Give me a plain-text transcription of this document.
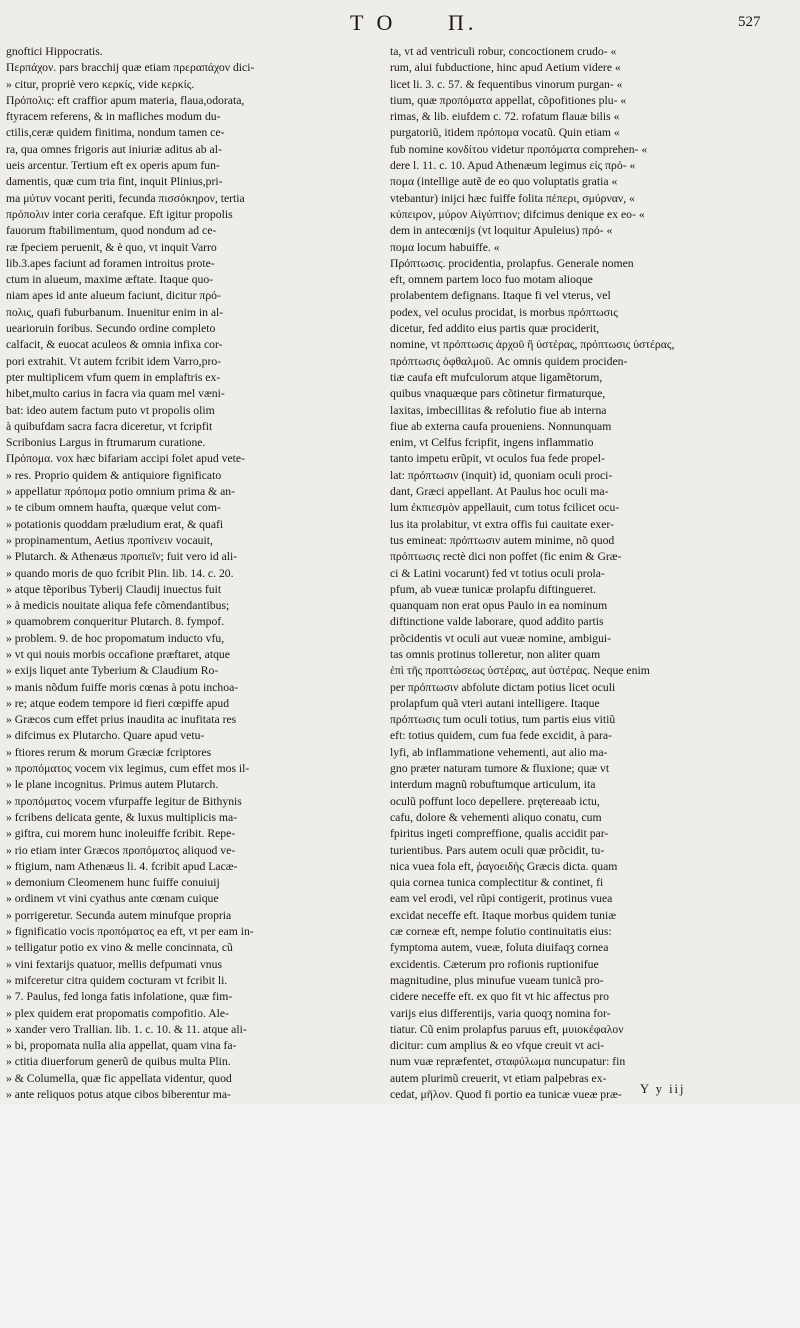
T O Π.	527
gnoftici Hippocratis.
Περπάχον. pars bracchij quæ etiam πρεραπάχον dici-
» citur, propriè vero κερκίς, vide κερκίς.
Πρόπολις: eft craffior apum materia, flaua,odorata,
ftyracem referens, & in mafliches modum du-
ctilis,ceræ quidem finitima, nondum tamen ce-
ra, qua omnes frigoris aut iniuriæ aditus ab al-
ueis arcentur. Tertium eft ex operis apum fun-
damentis, quæ cum tria fint, inquit Plinius,pri-
ma μύτυν vocant periti, fecunda πισσόκηρον, tertia
πρόπολιν inter coria cerafque. Eft igitur propolis
fauorum ftabilimentum, quod nondum ad ce-
ræ fpeciem peruenit, & è quo, vt inquit Varro
lib.3.apes faciunt ad foramen introitus prote-
ctum in alueum, maxime æftate. Itaque quo-
niam apes id ante alueum faciunt, dicitur πρό-
πολις, quafi fuburbanum. Inuenitur enim in al-
uearioruin foribus. Secundo ordine completo
calfacit, & euocat aculeos & omnia infixa cor-
pori extrahit. Vt autem fcribit idem Varro,pro-
pter multiplicem vfum quem in emplaftris ex-
hibet,multo carius in facra via quam mel væni-
bat: ideo autem factum puto vt propolis olim
à quibufdam sacra facra diceretur, vt fcripfit
Scribonius Largus in ftrumarum curatione.
Πρόπομα. vox hæc bifariam accipi folet apud vete-
» res. Proprio quidem & antiquiore fignificato
» appellatur πρόπομα potio omnium prima & an-
» te cibum omnem haufta, quæque velut com-
» potationis quoddam præludium erat, & quafi
» propinamentum, Aetius προπίνειν vocauit,
» Plutarch. & Athenæus προπιεῖν; fuit vero id ali-
» quando moris de quo fcribit Plin. lib. 14. c. 20.
» atque tẽporibus Tyberij Claudij inuectus fuit
» à medicis nouitate aliqua fefe cõmendantibus;
» quamobrem conqueritur Plutarch. 8. fympof.
» problem. 9. de hoc propomatum inducto vfu,
» vt qui nouis morbis occafione præftaret, atque
» exijs liquet ante Tyberium & Claudium Ro-
» manis nõdum fuiffe moris cœnas à potu inchoa-
» re; atque eodem tempore id fieri cœpiffe apud
» Græcos cum effet prius inaudita ac inufitata res
» difcimus ex Plutarcho. Quare apud vetu-
» ftiores rerum & morum Græciæ fcriptores
» προπόματος vocem vix legimus, cum effet mos il-
» le plane incognitus. Primus autem Plutarch.
» προπόματος vocem vfurpaffe legitur de Bithynis
» fcribens delicata gente, & luxus multiplicis ma-
» giftra, cui morem hunc inoleuiffe fcribit. Repe-
» rio etiam inter Græcos προπόματος aliquod ve-
» ftigium, nam Athenæus li. 4. fcribit apud Lacæ-
» demonium Cleomenem hunc fuiffe conuiuij
» ordinem vt vini cyathus ante cœnam cuique
» porrigeretur. Secunda autem minufque propria
» fignificatio vocis προπόματος ea eft, vt per eam in-
» telligatur potio ex vino & melle concinnata, cũ
» vini fextarijs quatuor, mellis defpumati vnus
» mifceretur citra quidem cocturam vt fcribit li.
» 7. Paulus, fed longa fatis infolatione, quæ fim-
» plex quidem erat propomatis compofitio. Ale-
» xander vero Trallian. lib. 1. c. 10. & 11. atque ali-
» bi, propomata nulla alia appellat, quam vina fa-
» ctitia diuerforum generũ de quibus multa Plin.
» & Columella, quæ fic appellata videntur, quod
» ante reliquos potus atque cibos biberentur ma-
ta, vt ad ventriculi robur, concoctionem crudo- «
rum, alui fubductione, hinc apud Aetium videre «
licet li. 3. c. 57. & fequentibus vinorum purgan- «
tium, quæ προπόματα appellat, cõpofitiones plu- «
rimas, & lib. eiufdem c. 72. rofatum flauæ bilis «
purgatoriũ, itidem πρόπομα vocatũ. Quin etiam «
fub nomine κονδίτου videtur προπόματα comprehen- «
dere l. 11. c. 10. Apud Athenæum legimus εἰς πρό- «
πομα (intellige autẽ de eo quo voluptatis gratia «
vtebantur) inijci hæc fuiffe folita πέπερι, σμύρναν, «
κύπειρον, μύρον Αἰγύπτιον; difcimus denique ex eo- «
dem in antecœnijs (vt loquitur Apuleius) πρό- «
πομα locum habuiffe. «
Πρόπτωσις. procidentia, prolapfus. Generale nomen
eft, omnem partem loco fuo motam alioque
prolabentem defignans. Itaque fi vel vterus, vel
podex, vel oculus procidat, is morbus πρόπτωσις
dicetur, fed addito eius partis quæ prociderit,
nomine, vt πρόπτωσις ἀρχοῦ ἢ ὑστέρας, πρόπτωσις ὑστέρας,
πρόπτωσις ὀφθαλμοῦ. Ac omnis quidem prociden-
tiæ caufa eft mufculorum atque ligamẽtorum,
quibus vnaquæque pars cõtinetur firmaturque,
laxitas, imbecillitas & refolutio fiue ab interna
fiue ab externa caufa proueniens. Nonnunquam
enim, vt Celfus fcripfit, ingens inflammatio
tanto impetu erũpit, vt oculos fua fede propel-
lat: πρόπτωσιν (inquit) id, quoniam oculi proci-
dant, Græci appellant. At Paulus hoc oculi ma-
lum ἐκπιεσμὸν appellauit, cum totus fcilicet ocu-
lus ita prolabitur, vt extra offis fui cauitate exer-
tus emineat: πρόπτωσιν autem minime, nõ quod
πρόπτωσις rectè dici non poffet (fic enim & Græ-
ci & Latini vocarunt) fed vt totius oculi prola-
pfum, ab vueæ tunicæ prolapfu diftingueret.
quanquam non erat opus Paulo in ea nominum
diftinctione valde laborare, quod addito partis
prõcidentis vt oculi aut vueæ nomine, ambigui-
tas omnis protinus tolleretur, non aliter quam
ἐπὶ τῆς προπτώσεως ὑστέρας, aut ὑστέρας. Neque enim
per πρόπτωσιν abfolute dictam potius licet oculi
prolapfum quã vteri autani intelligere. Itaque
πρόπτωσις tum oculi totius, tum partis eius vitiũ
eft: totius quidem, cum fua fede excidit, à para-
lyfi, ab inflammatione vehementi, aut alio ma-
gno præter naturam tumore & fluxione; quæ vt
interdum magnũ robuftumque articulum, ita
oculũ poffunt loco depellere. prętereaab ictu,
cafu, dolore & vehementi aliquo conatu, cum
fpiritus ingeti compreffione, qualis accidit par-
turientibus. Pars autem oculi quæ prõcidit, tu-
nica vuea fola eft, ῥαγοειδὴς Græcis dicta. quam
quia cornea tunica complectitur & continet, fi
eam vel erodi, vel rũpi contigerit, protinus vuea
excidat neceffe eft. Itaque morbus quidem tuniæ
cæ corneæ eft, nempe folutio continuitatis eius:
fymptoma autem, vueæ, foluta diuifaqʒ cornea
excidentis. Cæterum pro rofionis ruptionifue
magnitudine, plus minufue vueam tunicã pro-
cidere neceffe eft. ex quo fit vt hic affectus pro
varijs eius differentijs, varia quoqʒ nomina for-
tiatur. Cũ enim prolapfus paruus eft, μυιοκέφαλον
dicitur: cum amplius & eo vfque creuit vt aci-
num vuæ repræfentet, σταφύλωμα nuncupatur: fin
autem plurimũ creuerit, vt etiam palpebras ex-
cedat, μῆλον. Quod fi portio ea tunicæ vueæ præ-	Y y iij
